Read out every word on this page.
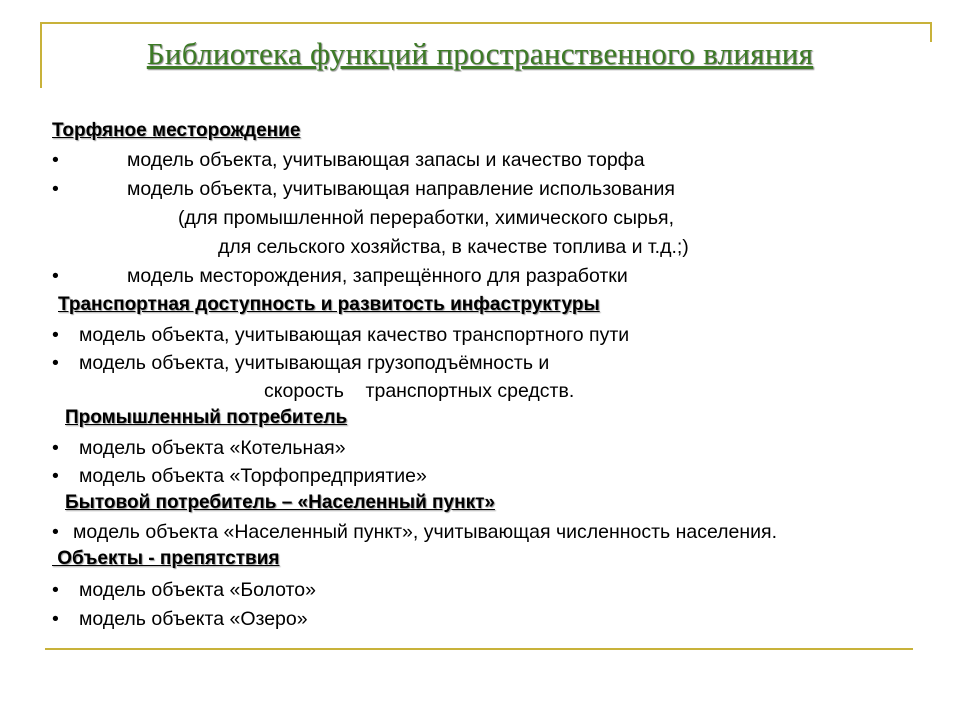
Библиотека функций пространственного влияния
Торфяное месторождение
•	модель объекта, учитывающая запасы и качество торфа
•	модель объекта, учитывающая направление использования
(для промышленной переработки, химического сырья,
для сельского хозяйства, в качестве топлива и т.д.;)
•	модель месторождения, запрещённого для разработки
Транспортная доступность и развитость инфаструктуры
• модель объекта, учитывающая качество транспортного пути
• модель объекта, учитывающая грузоподъёмность и
скорость    транспортных средств.
Промышленный потребитель
• модель объекта «Котельная»
• модель объекта «Торфопредприятие»
Бытовой потребитель – «Населенный пункт»
• модель объекта «Населенный пункт», учитывающая численность населения.
Объекты - препятствия
• модель объекта «Болото»
• модель объекта «Озеро»
